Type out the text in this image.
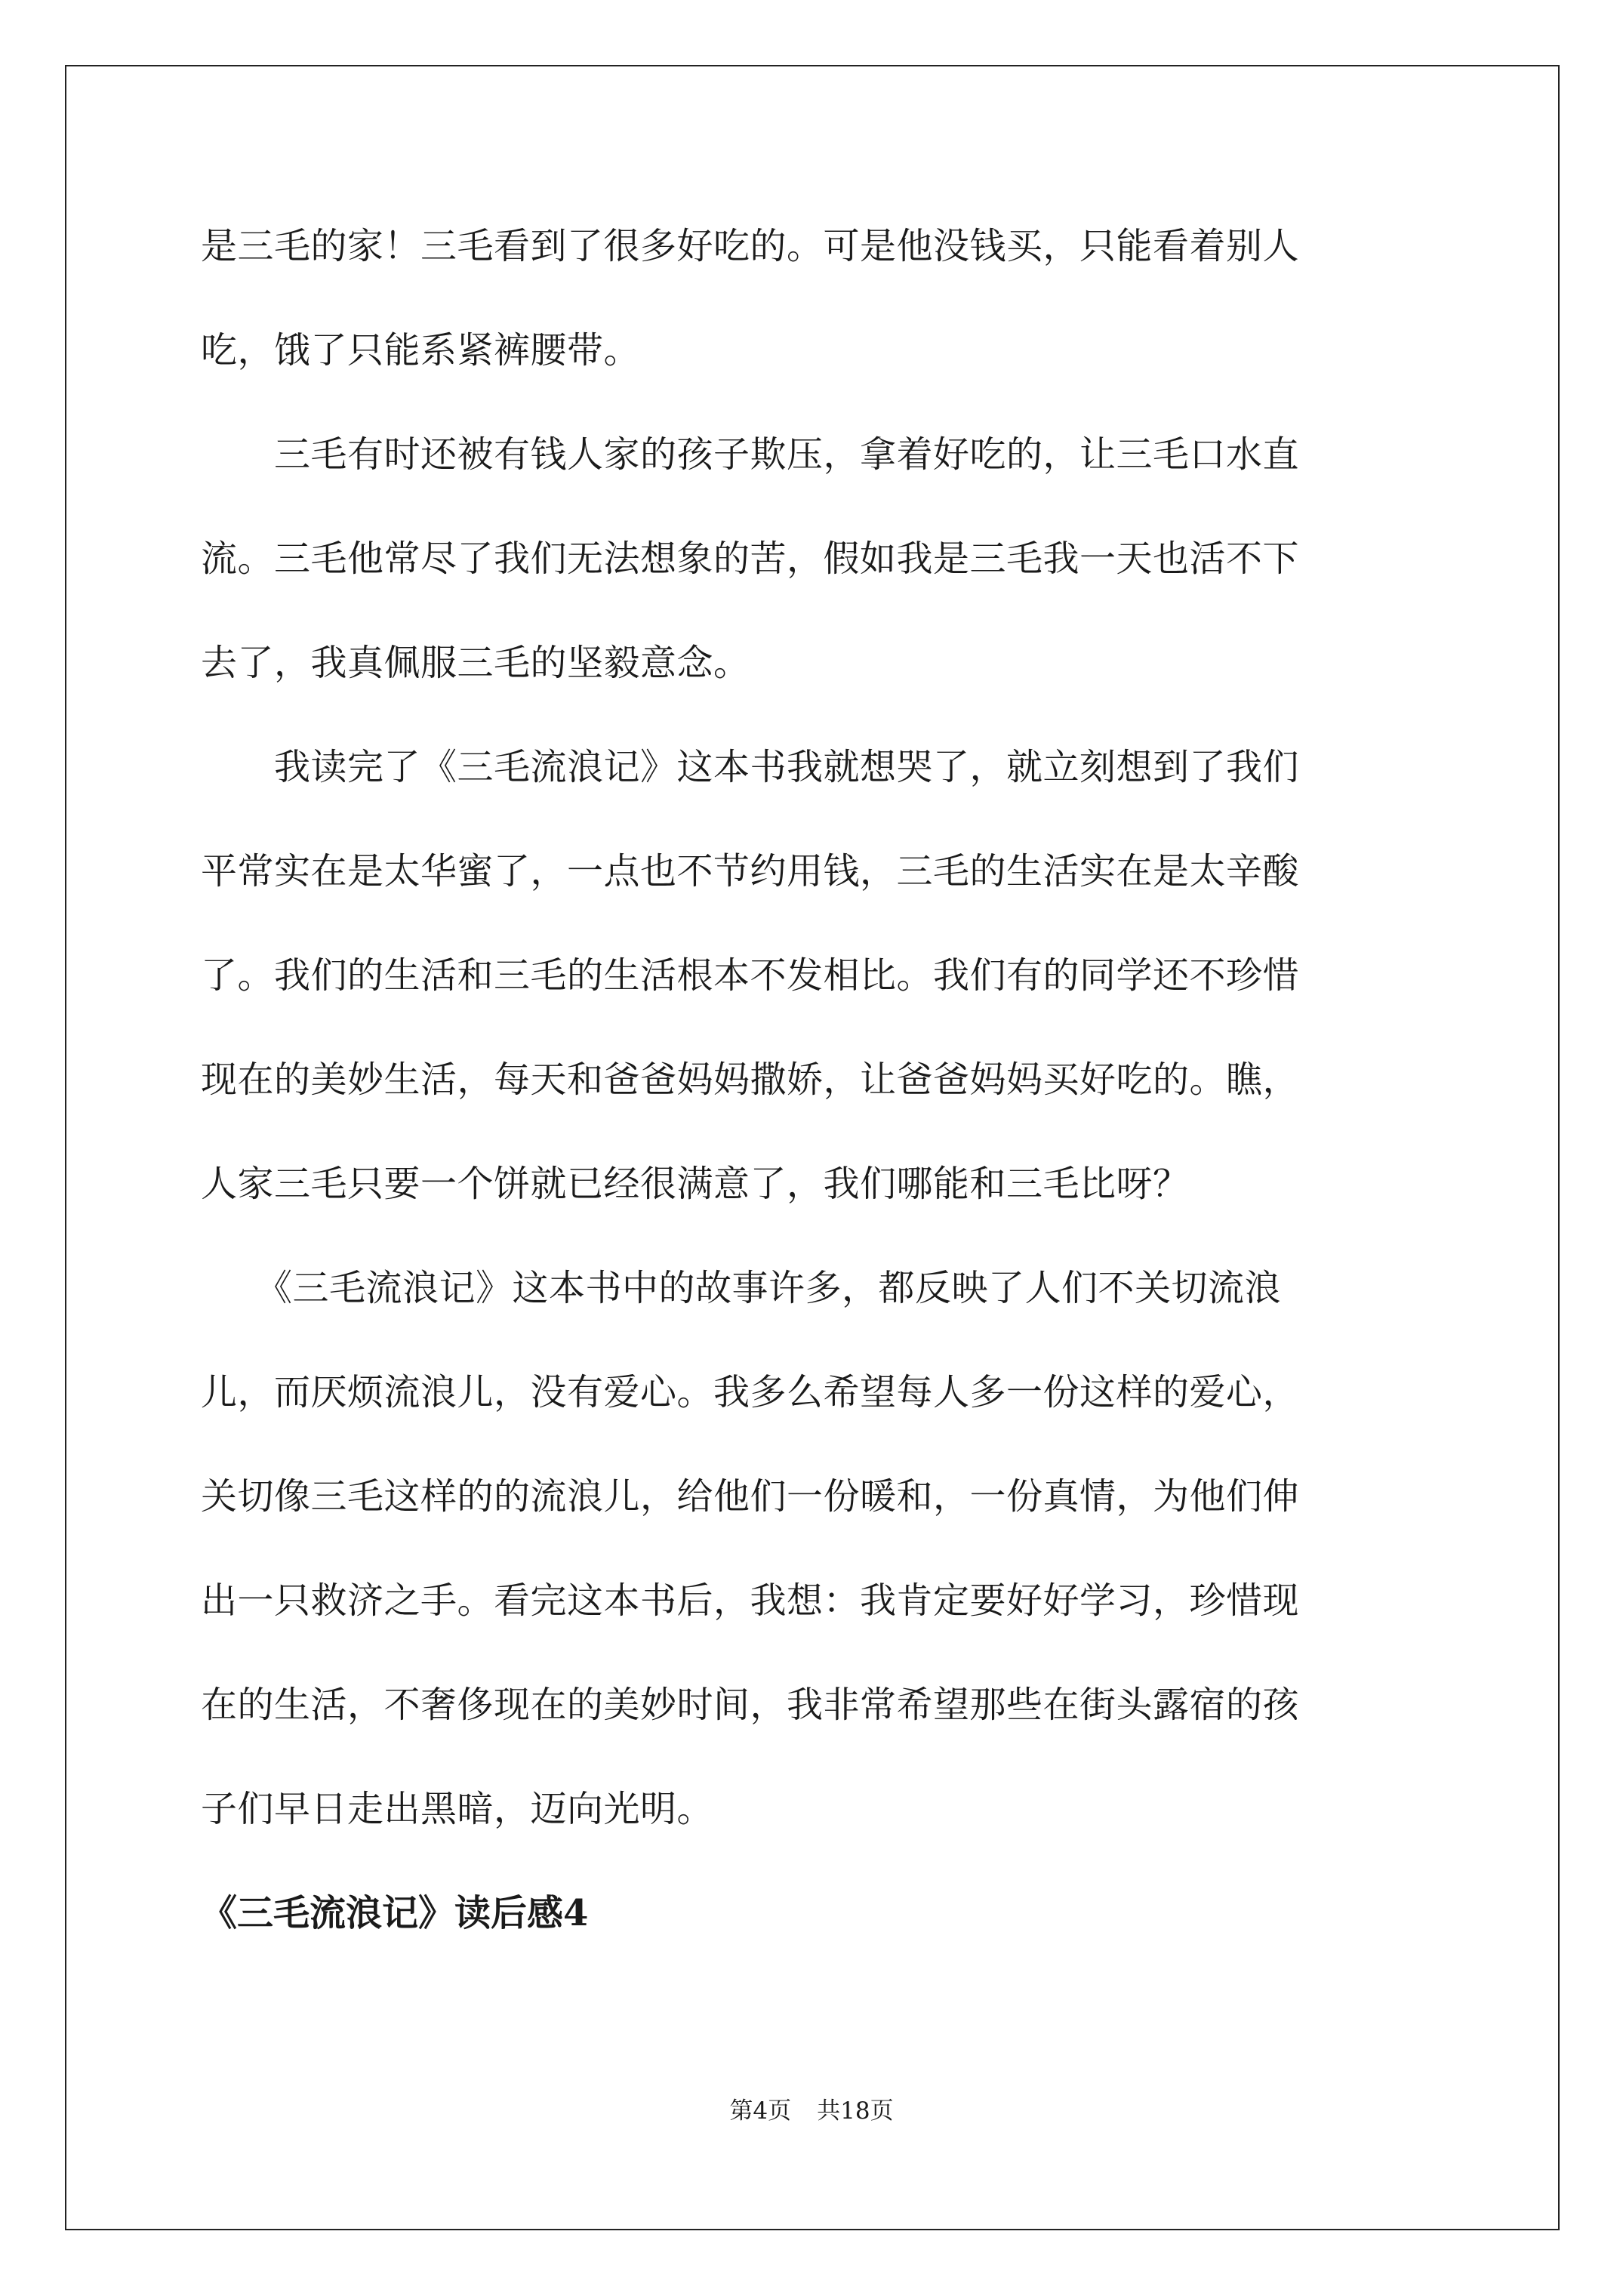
是三毛的家！三毛看到了很多好吃的。可是他没钱买，只能看着别人

吃，饿了只能系紧裤腰带。

　　三毛有时还被有钱人家的孩子欺压，拿着好吃的，让三毛口水直

流。三毛他常尽了我们无法想象的苦，假如我是三毛我一天也活不下

去了，我真佩服三毛的坚毅意念。

　　我读完了《三毛流浪记》这本书我就想哭了，就立刻想到了我们

平常实在是太华蜜了，一点也不节约用钱，三毛的生活实在是太辛酸

了。我们的生活和三毛的生活根本不发相比。我们有的同学还不珍惜

现在的美妙生活，每天和爸爸妈妈撒娇，让爸爸妈妈买好吃的。瞧，

人家三毛只要一个饼就已经很满意了，我们哪能和三毛比呀？

　　《三毛流浪记》这本书中的故事许多，都反映了人们不关切流浪

儿，而厌烦流浪儿，没有爱心。我多么希望每人多一份这样的爱心，

关切像三毛这样的的流浪儿，给他们一份暖和，一份真情，为他们伸

出一只救济之手。看完这本书后，我想：我肯定要好好学习，珍惜现

在的生活，不奢侈现在的美妙时间，我非常希望那些在街头露宿的孩

子们早日走出黑暗，迈向光明。

《三毛流浪记》读后感4
第4页 共18页
